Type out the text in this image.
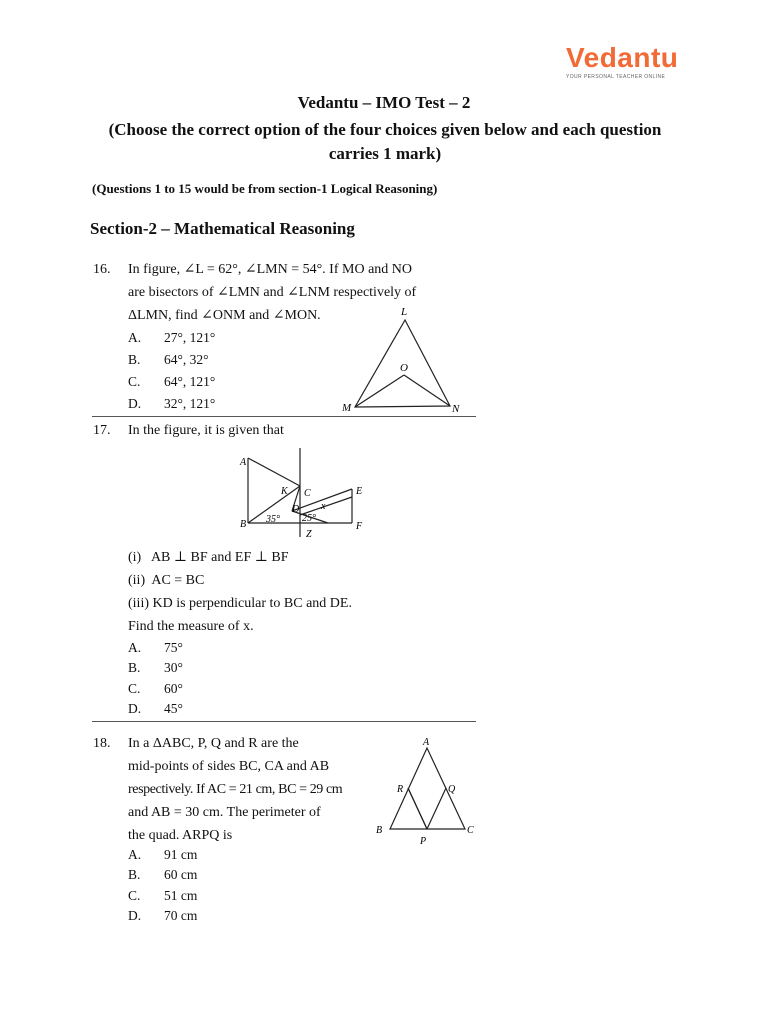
Vedantu
YOUR PERSONAL TEACHER ONLINE
Vedantu – IMO Test – 2
(Choose the correct option of the four choices given below and each question carries 1 mark)
(Questions 1 to 15 would be from section-1 Logical Reasoning)
Section-2 – Mathematical Reasoning
16. In figure, ∠L = 62°, ∠LMN = 54°. If MO and NO
are bisectors of ∠LMN and ∠LNM respectively of
ΔLMN, find ∠ONM and ∠MON.
A. 27°, 121°
B. 64°, 32°
C. 64°, 121°
D. 32°, 121°
L
M	N
O
17. In the figure, it is given that
A
B
C
D
E
F
K
Z
x
35° 25°
(i)   AB ⊥ BF and EF ⊥ BF
(ii)  AC = BC
(iii) KD is perpendicular to BC and DE.
Find the measure of x.
A. 75°
B. 30°
C. 60°
D. 45°
18. In a ΔABC, P, Q and R are the
mid-points of sides BC, CA and AB
respectively. If AC = 21 cm, BC = 29 cm
and AB = 30 cm. The perimeter of
the quad. ARPQ is
A. 91 cm
B. 60 cm
C. 51 cm
D. 70 cm
A
B	C
R	Q
P
